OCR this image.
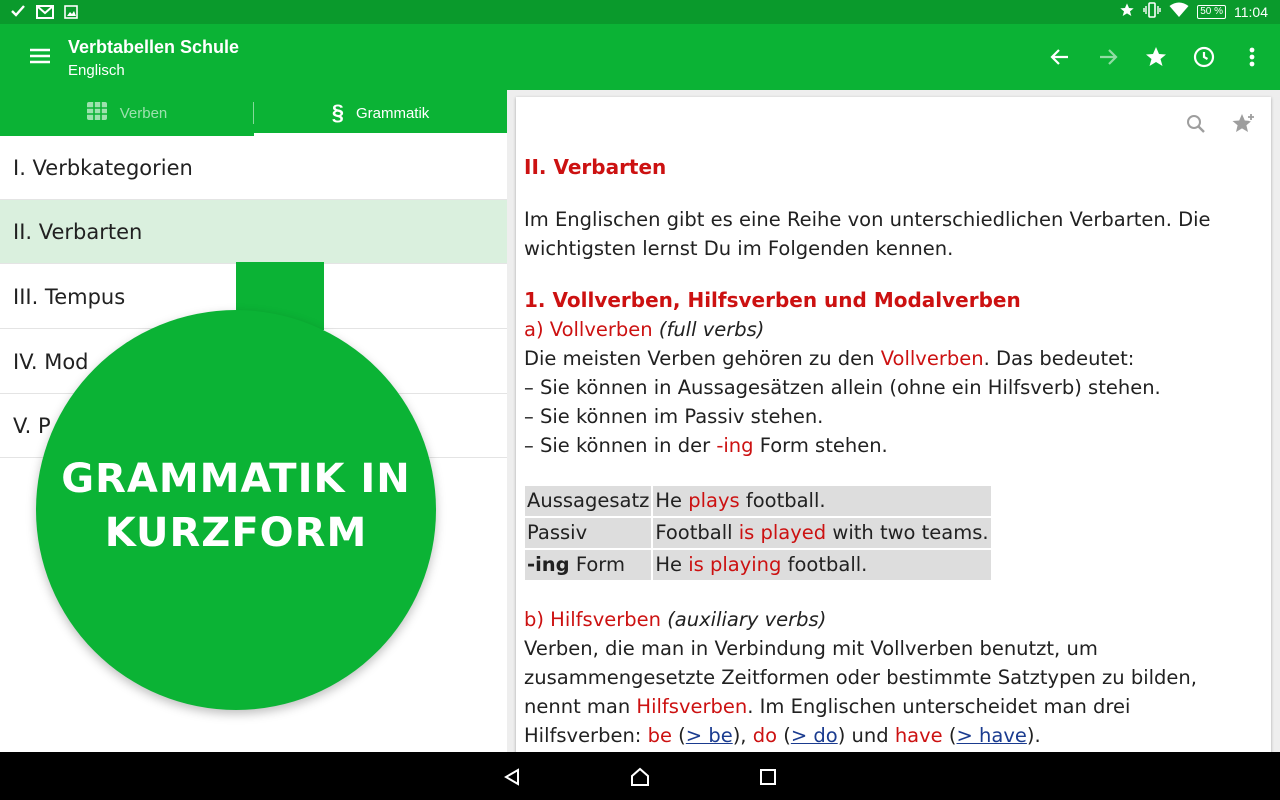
50 % 11:04
Verbtabellen Schule
Englisch
Verben	§ Grammatik
I. Verbkategorien
II. Verbarten
III. Tempus
IV. Mod
V. P
II. Verbarten
Im Englischen gibt es eine Reihe von unterschiedlichen Verbarten. Die wichtigsten lernst Du im Folgenden kennen.
1. Vollverben, Hilfsverben und Modalverben
a) Vollverben (full verbs)
Die meisten Verben gehören zu den Vollverben. Das bedeutet:
– Sie können in Aussagesätzen allein (ohne ein Hilfsverb) stehen.
– Sie können im Passiv stehen.
– Sie können in der -ing Form stehen.
Aussagesatz	He plays football.
Passiv	Football is played with two teams.
-ing Form	He is playing football.
b) Hilfsverben (auxiliary verbs)
Verben, die man in Verbindung mit Vollverben benutzt, um zusammengesetzte Zeitformen oder bestimmte Satztypen zu bilden, nennt man Hilfsverben. Im Englischen unterscheidet man drei Hilfsverben: be (> be), do (> do) und have (> have).
GRAMMATIK IN
KURZFORM
